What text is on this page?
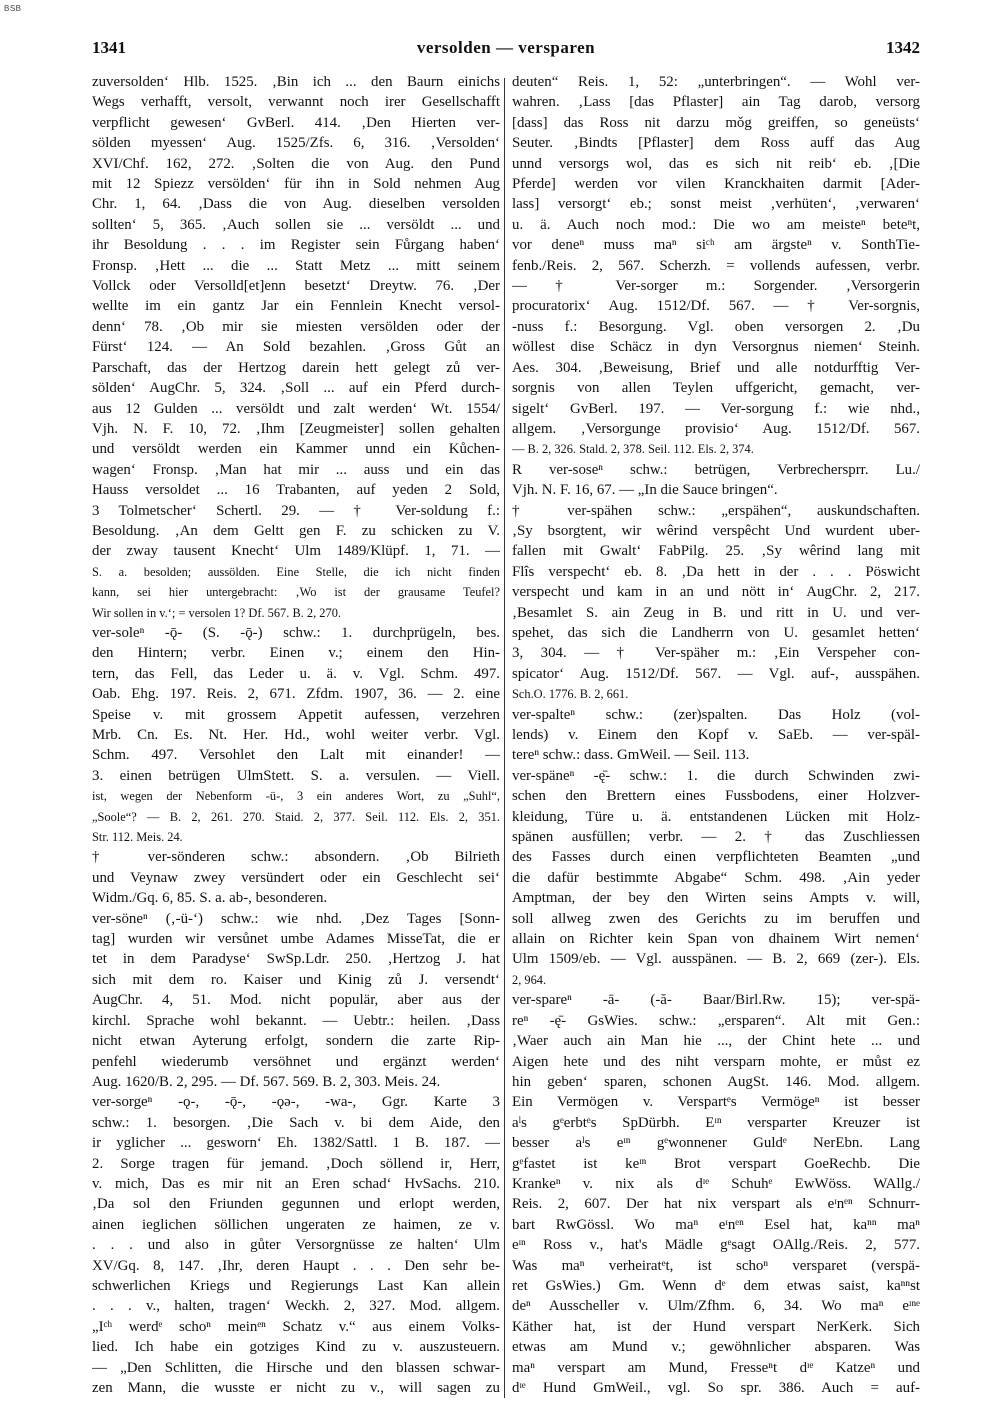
BSB
1341	versolden — versparen	1342
zuversolden‘ Hlb. 1525. ‚Bin ich ... den Baurn einichs
Wegs verhafft, versolt, verwannt noch irer Gesellschafft
verpflicht gewesen‘ GvBerl. 414. ‚Den Hierten ver-
sölden myessen‘ Aug. 1525/Zfs. 6, 316. ‚Versolden‘
XVI/Chf. 162, 272. ‚Solten die von Aug. den Pund
mit 12 Spiezz versölden‘ für ihn in Sold nehmen Aug
Chr. 1, 64. ‚Dass die von Aug. dieselben versolden
sollten‘ 5, 365. ‚Auch sollen sie ... versöldt ... und
ihr Besoldung . . . im Register sein Fůrgang haben‘
Fronsp. ‚Hett ... die ... Statt Metz ... mitt seinem
Vollck oder Versolld[et]enn besetzt‘ Dreytw. 76. ‚Der
wellte im ein gantz Jar ein Fennlein Knecht versol-
denn‘ 78. ‚Ob mir sie miesten versölden oder der
Fürst‘ 124. — An Sold bezahlen. ‚Gross Gůt an
Parschaft, das der Hertzog darein hett gelegt zů ver-
sölden‘ AugChr. 5, 324. ‚Soll ... auf ein Pferd durch-
aus 12 Gulden ... versöldt und zalt werden‘ Wt. 1554/
Vjh. N. F. 10, 72. ‚Ihm [Zeugmeister] sollen gehalten
und versöldt werden ein Kammer unnd ein Kůchen-
wagen‘ Fronsp. ‚Man hat mir ... auss und ein das
Hauss versoldet ... 16 Trabanten, auf yeden 2 Sold,
3 Tolmetscher‘ Schertl. 29. — † Ver-soldung f.:
Besoldung. ‚An dem Geltt gen F. zu schicken zu V.
der zway tausent Knecht‘ Ulm 1489/Klüpf. 1, 71. —
S. a. besolden; aussölden. Eine Stelle, die ich nicht finden
kann, sei hier untergebracht: ‚Wo ist der grausame Teufel?
Wir sollen in v.‘; = versolen 1? Df. 567. B. 2, 270.
ver-soleⁿ -ǭ- (S. -ǭ-) schw.: 1. durchprügeln, bes.
den Hintern; verbr. Einen v.; einem den Hin-
tern, das Fell, das Leder u. ä. v. Vgl. Schm. 497.
Oab. Ehg. 197. Reis. 2, 671. Zfdm. 1907, 36. — 2. eine
Speise v. mit grossem Appetit aufessen, verzehren
Mrb. Cn. Es. Nt. Her. Hd., wohl weiter verbr. Vgl.
Schm. 497. Versohlet den Lalt mit einander! —
3. einen betrügen UlmStett. S. a. versulen. — Viell.
ist, wegen der Nebenform -ü-, 3 ein anderes Wort, zu „Suhl“,
„Soole“? — B. 2, 261. 270. Staid. 2, 377. Seil. 112. Els. 2, 351.
Str. 112. Meis. 24.
† ver-sönderen schw.: absondern. ‚Ob Bilrieth
und Veynaw zwey versündert oder ein Geschlecht sei‘
Widm./Gq. 6, 85. S. a. ab-, besonderen.
ver-söneⁿ (‚-ü-‘) schw.: wie nhd. ‚Dez Tages [Sonn-
tag] wurden wir versůnet umbe Adames MisseTat, die er
tet in dem Paradyse‘ SwSp.Ldr. 250. ‚Hertzog J. hat
sich mit dem ro. Kaiser und Kinig zů J. versendt‘
AugChr. 4, 51. Mod. nicht populär, aber aus der
kirchl. Sprache wohl bekannt. — Uebtr.: heilen. ‚Dass
nicht etwan Ayterung erfolgt, sondern die zarte Rip-
penfehl wiederumb versöhnet und ergänzt werden‘
Aug. 1620/B. 2, 295. — Df. 567. 569. B. 2, 303. Meis. 24.
ver-sorgeⁿ -ǫ-, -ǭ-, -ǫə-, -wa-, Ggr. Karte 3
schw.: 1. besorgen. ‚Die Sach v. bi dem Aide, den
ir yglicher ... gesworn‘ Eh. 1382/Sattl. 1 B. 187. —
2. Sorge tragen für jemand. ‚Doch söllend ir, Herr,
v. mich, Das es mir nit an Eren schad‘ HvSachs. 210.
‚Da sol den Friunden gegunnen und erlopt werden,
ainen ieglichen söllichen ungeraten ze haimen, ze v.
. . . und also in gůter Versorgnüsse ze halten‘ Ulm
XV/Gq. 8, 147. ‚Ihr, deren Haupt . . . Den sehr be-
schwerlichen Kriegs und Regierungs Last Kan allein
. . . v., halten, tragen‘ Weckh. 2, 327. Mod. allgem.
„Iᶜʰ werdᵉ schoⁿ meinᵉⁿ Schatz v.“ aus einem Volks-
lied. Ich habe ein gotziges Kind zu v. auszusteuern.
— „Den Schlitten, die Hirsche und den blassen schwar-
zen Mann, die wusste er nicht zu v., will sagen zu
deuten“ Reis. 1, 52: „unterbringen“. — Wohl ver-
wahren. ‚Lass [das Pflaster] ain Tag darob, versorg
[dass] das Ross nit darzu mǒg greiffen, so geneüsts‘
Seuter. ‚Bindts [Pflaster] dem Ross auff das Aug
unnd versorgs wol, das es sich nit reib‘ eb. ‚[Die
Pferde] werden vor vilen Kranckhaiten darmit [Ader-
lass] versorgt‘ eb.; sonst meist ‚verhüten‘, ‚verwaren‘
u. ä. Auch noch mod.: Die wo am meisteⁿ beteⁿt,
vor deneⁿ muss maⁿ siᶜʰ am ärgsteⁿ v. SonthTie-
fenb./Reis. 2, 567. Scherzh. = vollends aufessen, verbr.
— † Ver-sorger m.: Sorgender. ‚Versorgerin
procuratorix‘ Aug. 1512/Df. 567. — † Ver-sorgnis,
-nuss f.: Besorgung. Vgl. oben versorgen 2. ‚Du
wöllest dise Schäcz in dyn Versorgnus niemen‘ Steinh.
Aes. 304. ‚Beweisung, Brief und alle notdurfftig Ver-
sorgnis von allen Teylen uffgericht, gemacht, ver-
sigelt‘ GvBerl. 197. — Ver-sorgung f.: wie nhd.,
allgem. ‚Versorgunge provisio‘ Aug. 1512/Df. 567.
— B. 2, 326. Stald. 2, 378. Seil. 112. Els. 2, 374.
R ver-soseⁿ schw.: betrügen, Verbrechersprr. Lu./
Vjh. N. F. 16, 67. — „In die Sauce bringen“.
† ver-spähen schw.: „erspähen“, auskundschaften.
‚Sy bsorgtent, wir wêrind verspêcht Und wurdent uber-
fallen mit Gwalt‘ FabPilg. 25. ‚Sy wêrind lang mit
Flîs verspecht‘ eb. 8. ‚Da hett in der . . . Pöswicht
verspecht und kam in an und nött in‘ AugChr. 2, 217.
‚Besamlet S. ain Zeug in B. und ritt in U. und ver-
spehet, das sich die Landherrn von U. gesamlet hetten‘
3, 304. — † Ver-späher m.: ‚Ein Verspeher con-
spicator‘ Aug. 1512/Df. 567. — Vgl. auf-, ausspähen.
Sch.O. 1776. B. 2, 661.
ver-spalteⁿ schw.: (zer)spalten. Das Holz (vol-
lends) v. Einem den Kopf v. SaEb. — ver-späl-
tereⁿ schw.: dass. GmWeil. — Seil. 113.
ver-späneⁿ -ę̄- schw.: 1. die durch Schwinden zwi-
schen den Brettern eines Fussbodens, einer Holzver-
kleidung, Türe u. ä. entstandenen Lücken mit Holz-
spänen ausfüllen; verbr. — 2. † das Zuschliessen
des Fasses durch einen verpflichteten Beamten „und
die dafür bestimmte Abgabe“ Schm. 498. ‚Ain yeder
Amptman, der bey den Wirten seins Ampts v. will,
soll allweg zwen des Gerichts zu im beruffen und
allain on Richter kein Span von dhainem Wirt nemen‘
Ulm 1509/eb. — Vgl. ausspänen. — B. 2, 669 (zer-). Els.
2, 964.
ver-spareⁿ -ā- (-ă- Baar/Birl.Rw. 15); ver-spä-
reⁿ -ę̄- GsWies. schw.: „ersparen“. Alt mit Gen.:
‚Waer auch ain Man hie ..., der Chint hete ... und
Aigen hete und des niht versparn mohte, er můst ez
hin geben‘ sparen, schonen AugSt. 146. Mod. allgem.
Ein Vermögen v. Verspartᵉs Vermögeⁿ ist besser
aˡs gᵉerbtᵉs SpDürbh. Eᶦⁿ versparter Kreuzer ist
besser aˡs eᶦⁿ gᵉwonnener Guldᵉ NerEbn. Lang
gᵉfastet ist keᶦⁿ Brot verspart GoeRechb. Die
Krankeⁿ v. nix als dᶦᵉ Schuhᵉ EwWöss. WAllg./
Reis. 2, 607. Der hat nix verspart als eᶦnᵉⁿ Schnurr-
bart RwGössl. Wo maⁿ eᶦnᵉⁿ Esel hat, kaⁿⁿ maⁿ
eᶦⁿ Ross v., hat's Mädle gᵉsagt OAllg./Reis. 2, 577.
Was maⁿ verheiratᵉt, ist schoⁿ versparet (verspä-
ret GsWies.) Gm. Wenn dᵉ dem etwas saist, kaⁿⁿst
deⁿ Ausscheller v. Ulm/Zfhm. 6, 34. Wo maⁿ eᶦⁿᵉ
Käther hat, ist der Hund verspart NerKerk. Sich
etwas am Mund v.; gewöhnlicher absparen. Was
maⁿ verspart am Mund, Fresseⁿt dᶦᵉ Katzeⁿ und
dᶦᵉ Hund GmWeil., vgl. So spr. 386. Auch = auf-
